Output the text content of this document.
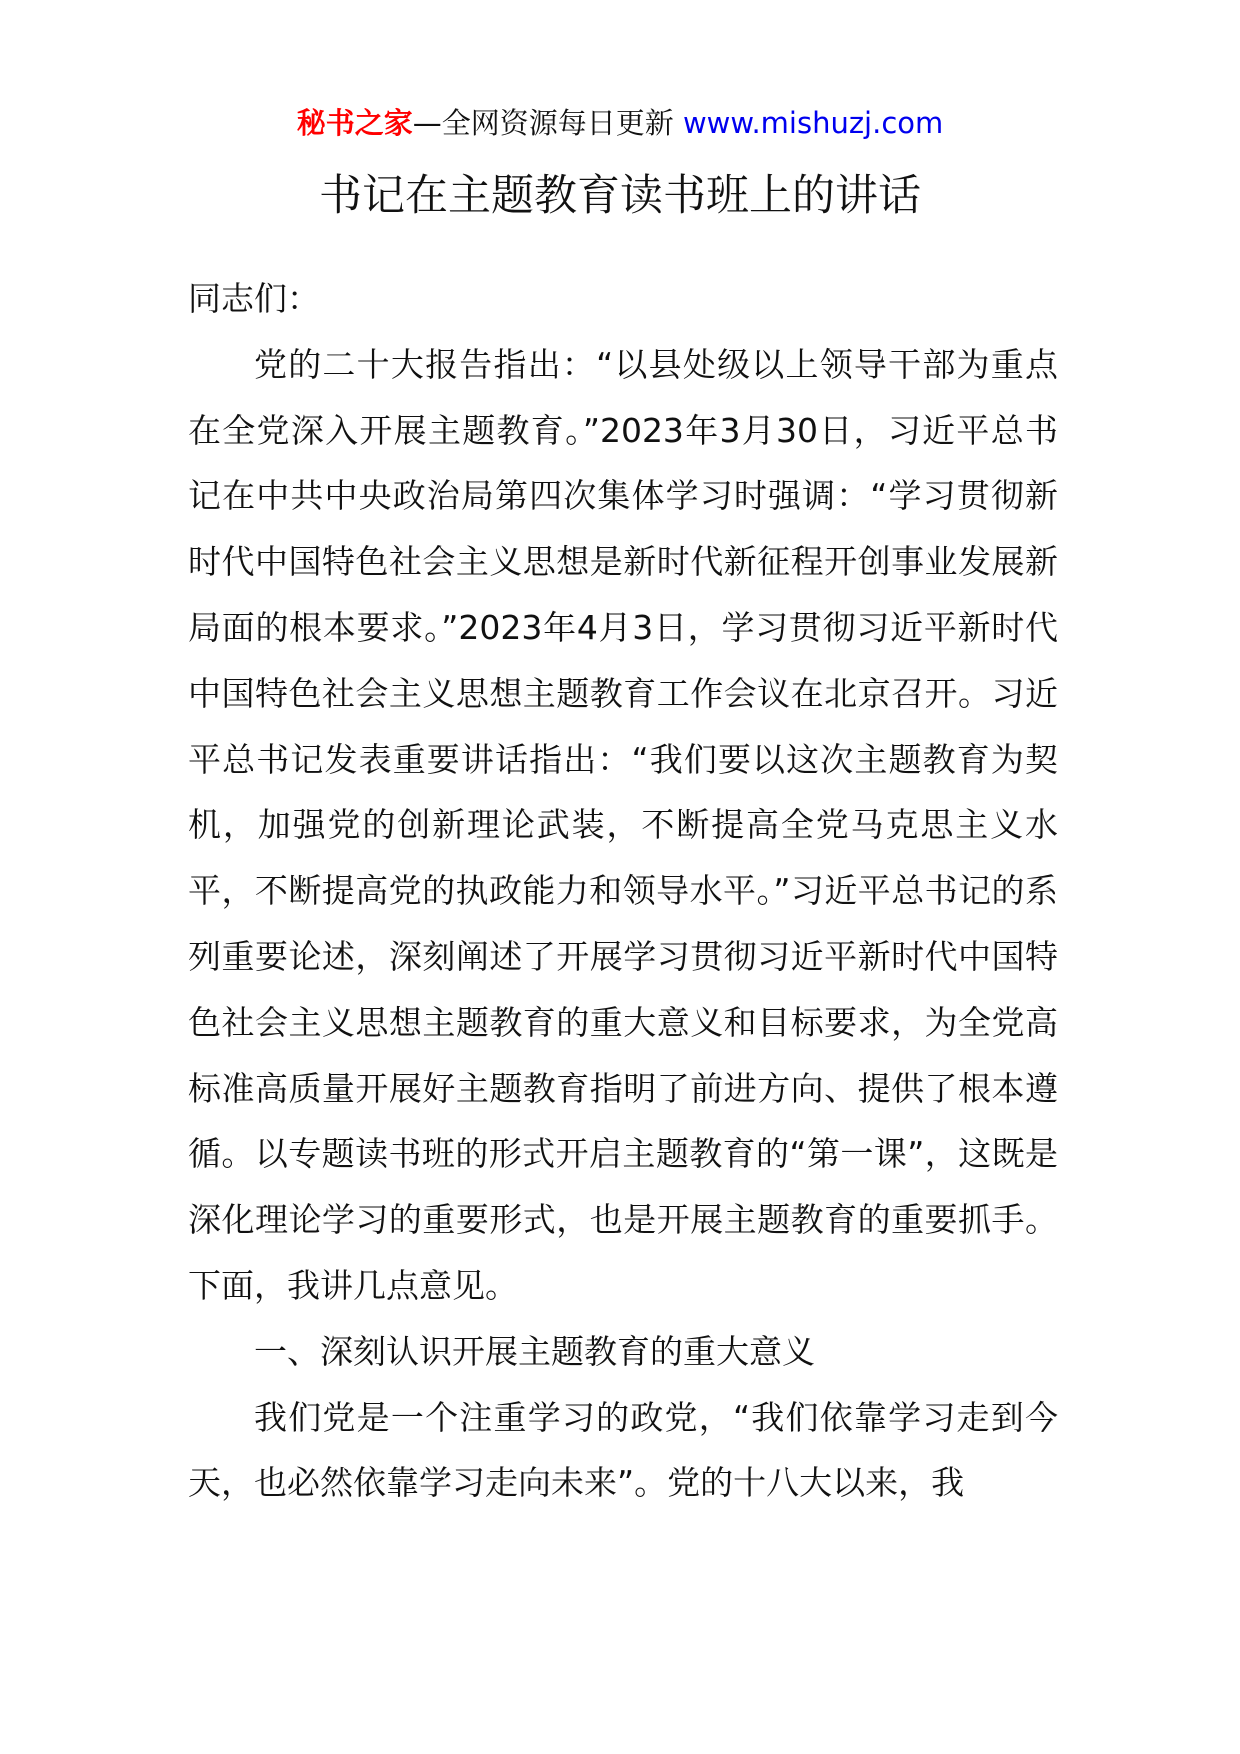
秘书之家—全网资源每日更新 www.mishuzj.com
书记在主题教育读书班上的讲话

同志们：

党的二十大报告指出：“以县处级以上领导干部为重点在全党深入开展主题教育。”2023年3月30日，习近平总书记在中共中央政治局第四次集体学习时强调：“学习贯彻新时代中国特色社会主义思想是新时代新征程开创事业发展新局面的根本要求。”2023年4月3日，学习贯彻习近平新时代中国特色社会主义思想主题教育工作会议在北京召开。习近平总书记发表重要讲话指出：“我们要以这次主题教育为契机，加强党的创新理论武装，不断提高全党马克思主义水平，不断提高党的执政能力和领导水平。”习近平总书记的系列重要论述，深刻阐述了开展学习贯彻习近平新时代中国特色社会主义思想主题教育的重大意义和目标要求，为全党高标准高质量开展好主题教育指明了前进方向、提供了根本遵循。以专题读书班的形式开启主题教育的“第一课”，这既是深化理论学习的重要形式，也是开展主题教育的重要抓手。下面，我讲几点意见。

一、深刻认识开展主题教育的重大意义

我们党是一个注重学习的政党，“我们依靠学习走到今天，也必然依靠学习走向未来”。党的十八大以来，我
